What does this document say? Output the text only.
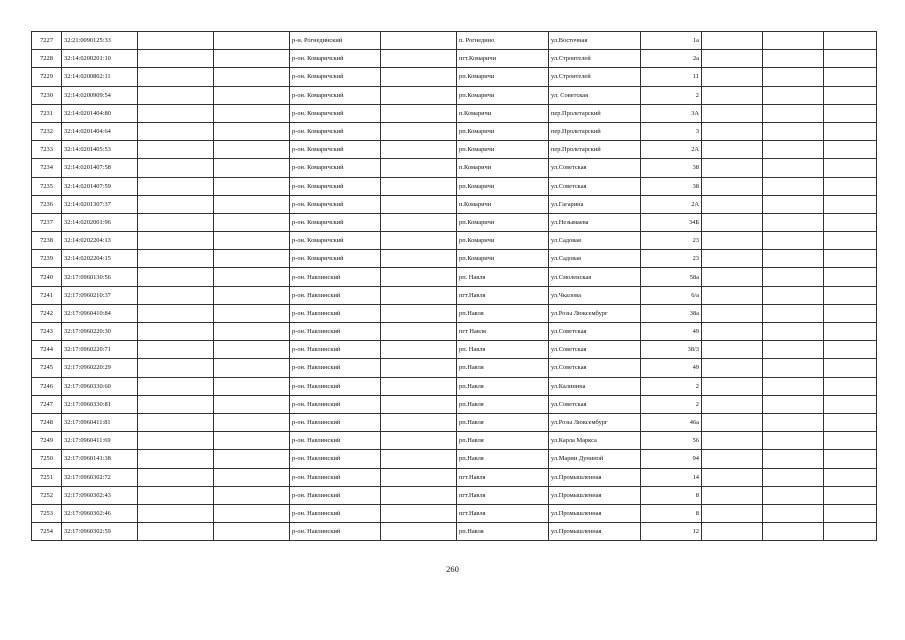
7227	32:21:0090125:33			р-н. Рогнединский		п. Рогнедино	ул.Восточная	1а			
7228	32:14:0200201:10			р-он. Комаричский		пгт.Комаричи	ул.Строителей	2а			
7229	32:14:0200802:11			р-он. Комаричский		рп.Комаричи	ул.Строителей	11			
7230	32:14:0200909:54			р-он. Комаричский		рп.Комаричи	ул. Советская	2			
7231	32:14:0201404:80			р-он. Комаричский		п.Комаричи	пер.Пролетарский	3А			
7232	32:14:0201404:64			р-он. Комаричский		рп.Комаричи	пер.Пролетарский	3			
7233	32:14:0201405:53			р-он. Комаричский		рп.Комаричи	пер.Пролетарский	2А			
7234	32:14:0201407:58			р-он. Комаричский		п.Комаричи	ул.Советская	38			
7235	32:14:0201407:59			р-он. Комаричский		рп.Комаричи	ул.Советская	38			
7236	32:14:0201307:37			р-он. Комаричский		п.Комаричи	ул.Гагарина	2А			
7237	32:14:0202001:96			р-он. Комаричский		рп.Комаричи	ул.Незымаева	34Б			
7238	32:14:0202204:13			р-он. Комаричский		рп.Комаричи	ул.Садовая	23			
7239	32:14:0202204:15			р-он. Комаричский		рп.Комаричи	ул.Садовая	23			
7240	32:17:0960130:56			р-он. Навлинский		рп. Навля	ул.Смоленская	58а			
7241	32:17:0960210:37			р-он. Навлинский		пгт.Навля	ул.Чкалова	6/а			
7242	32:17:0960410:84			р-он. Навлинский		рп.Навля	ул.Розы Люксембург	38а			
7243	32:17:0960220:30			р-он. Навлинский		пгт Навля	ул.Советская	49			
7244	32:17:0960220:71			р-он. Навлинский		рп. Навля	ул.Советская	38/3			
7245	32:17:0960220:29			р-он. Навлинский		рп.Навля	ул.Советская	49			
7246	32:17:0960330:60			р-он. Навлинский		рп.Навля	ул.Калинина	2			
7247	32:17:0960330:81			р-он. Навлинский		рп.Навля	ул.Советская	2			
7248	32:17:0960411:81			р-он. Навлинский		рп.Навля	ул.Розы Люксембург	46а			
7249	32:17:0960411:69			р-он. Навлинский		рп.Навля	ул.Карла Маркса	56			
7250	32:17:0960141:38			р-он. Навлинский		рп.Навля	ул.Марии Дуниной	94			
7251	32:17:0960302:72			р-он. Навлинский		пгт.Навля	ул.Промышленная	14			
7252	32:17:0960302:43			р-он. Навлинский		пгт.Навля	ул.Промышленная	8			
7253	32:17:0960302:46			р-он. Навлинский		пгт.Навля	ул.Промышленная	8			
7254	32:17:0960302:59			р-он. Навлинский		рп.Навля	ул.Промышленная	12			
260
